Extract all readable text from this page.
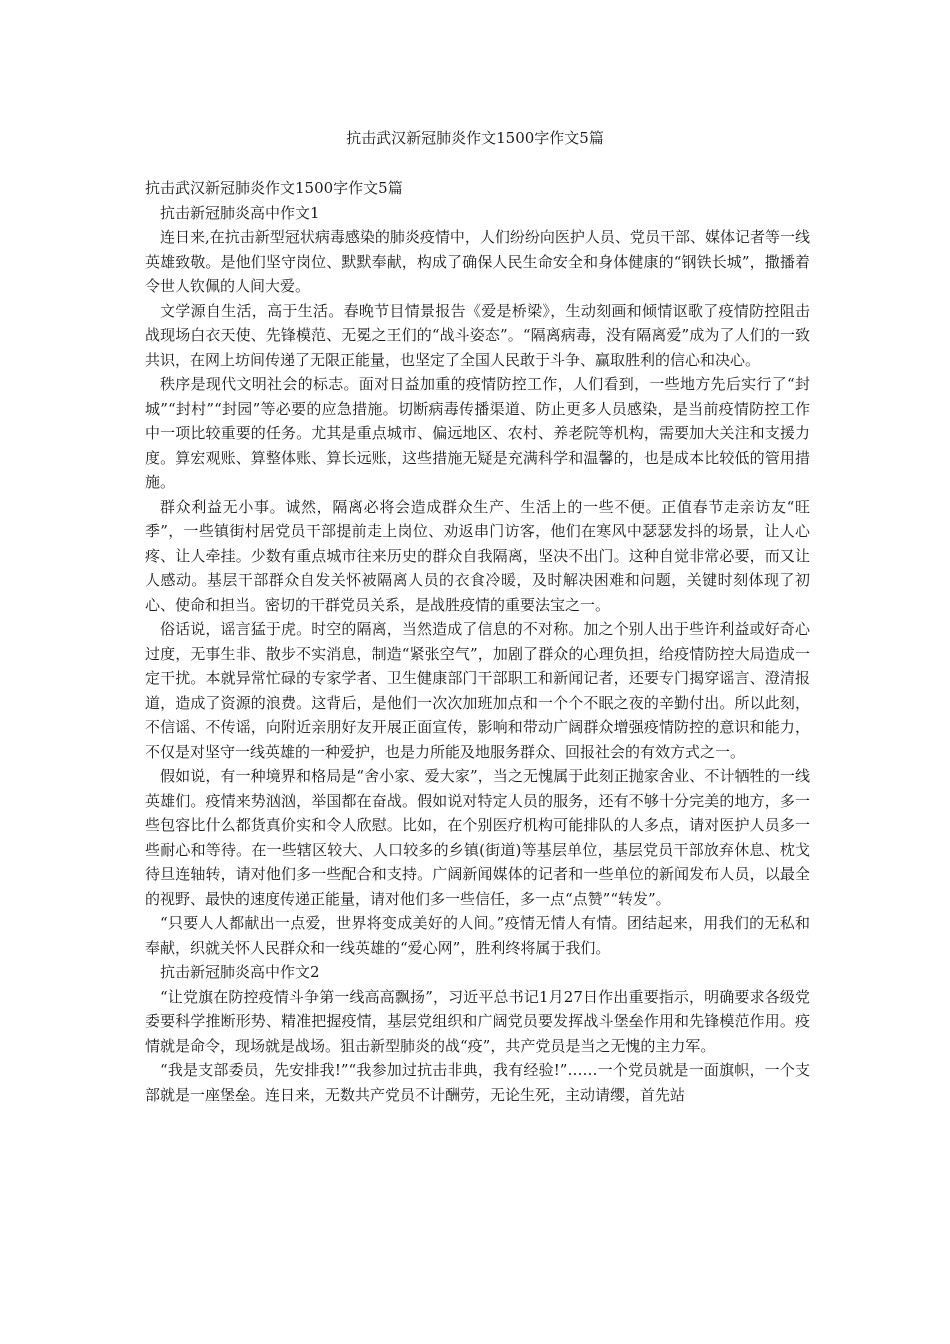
抗击武汉新冠肺炎作文1500字作文5篇

抗击武汉新冠肺炎作文1500字作文5篇

抗击新冠肺炎高中作文1

连日来,在抗击新型冠状病毒感染的肺炎疫情中，人们纷纷向医护人员、党员干部、媒体记者等一线英雄致敬。是他们坚守岗位、默默奉献，构成了确保人民生命安全和身体健康的“钢铁长城”，撒播着令世人钦佩的人间大爱。

文学源自生活，高于生活。春晚节目情景报告《爱是桥梁》，生动刻画和倾情讴歌了疫情防控阻击战现场白衣天使、先锋模范、无冕之王们的“战斗姿态”。“隔离病毒，没有隔离爱”成为了人们的一致共识，在网上坊间传递了无限正能量，也坚定了全国人民敢于斗争、赢取胜利的信心和决心。

秩序是现代文明社会的标志。面对日益加重的疫情防控工作，人们看到，一些地方先后实行了“封城”“封村”“封园”等必要的应急措施。切断病毒传播渠道、防止更多人员感染，是当前疫情防控工作中一项比较重要的任务。尤其是重点城市、偏远地区、农村、养老院等机构，需要加大关注和支援力度。算宏观账、算整体账、算长远账，这些措施无疑是充满科学和温馨的，也是成本比较低的管用措施。

群众利益无小事。诚然，隔离必将会造成群众生产、生活上的一些不便。正值春节走亲访友“旺季”，一些镇街村居党员干部提前走上岗位、劝返串门访客，他们在寒风中瑟瑟发抖的场景，让人心疼、让人牵挂。少数有重点城市往来历史的群众自我隔离，坚决不出门。这种自觉非常必要，而又让人感动。基层干部群众自发关怀被隔离人员的衣食冷暖，及时解决困难和问题，关键时刻体现了初心、使命和担当。密切的干群党员关系，是战胜疫情的重要法宝之一。

俗话说，谣言猛于虎。时空的隔离，当然造成了信息的不对称。加之个别人出于些许利益或好奇心过度，无事生非、散步不实消息，制造“紧张空气”，加剧了群众的心理负担，给疫情防控大局造成一定干扰。本就异常忙碌的专家学者、卫生健康部门干部职工和新闻记者，还要专门揭穿谣言、澄清报道，造成了资源的浪费。这背后，是他们一次次加班加点和一个个不眠之夜的辛勤付出。所以此刻，不信谣、不传谣，向附近亲朋好友开展正面宣传，影响和带动广阔群众增强疫情防控的意识和能力，不仅是对坚守一线英雄的一种爱护，也是力所能及地服务群众、回报社会的有效方式之一。

假如说，有一种境界和格局是“舍小家、爱大家”，当之无愧属于此刻正抛家舍业、不计牺牲的一线英雄们。疫情来势汹汹，举国都在奋战。假如说对特定人员的服务，还有不够十分完美的地方，多一些包容比什么都货真价实和令人欣慰。比如，在个别医疗机构可能排队的人多点，请对医护人员多一些耐心和等待。在一些辖区较大、人口较多的乡镇(街道)等基层单位，基层党员干部放弃休息、枕戈待旦连轴转，请对他们多一些配合和支持。广阔新闻媒体的记者和一些单位的新闻发布人员，以最全的视野、最快的速度传递正能量，请对他们多一些信任，多一点“点赞”“转发”。

“只要人人都献出一点爱，世界将变成美好的人间。”疫情无情人有情。团结起来，用我们的无私和奉献，织就关怀人民群众和一线英雄的“爱心网”，胜利终将属于我们。

抗击新冠肺炎高中作文2

“让党旗在防控疫情斗争第一线高高飘扬”，习近平总书记1月27日作出重要指示，明确要求各级党委要科学推断形势、精准把握疫情，基层党组织和广阔党员要发挥战斗堡垒作用和先锋模范作用。疫情就是命令，现场就是战场。狙击新型肺炎的战“疫”，共产党员是当之无愧的主力军。

“我是支部委员，先安排我!”“我参加过抗击非典，我有经验!”……一个党员就是一面旗帜，一个支部就是一座堡垒。连日来，无数共产党员不计酬劳，无论生死，主动请缨，首先站
